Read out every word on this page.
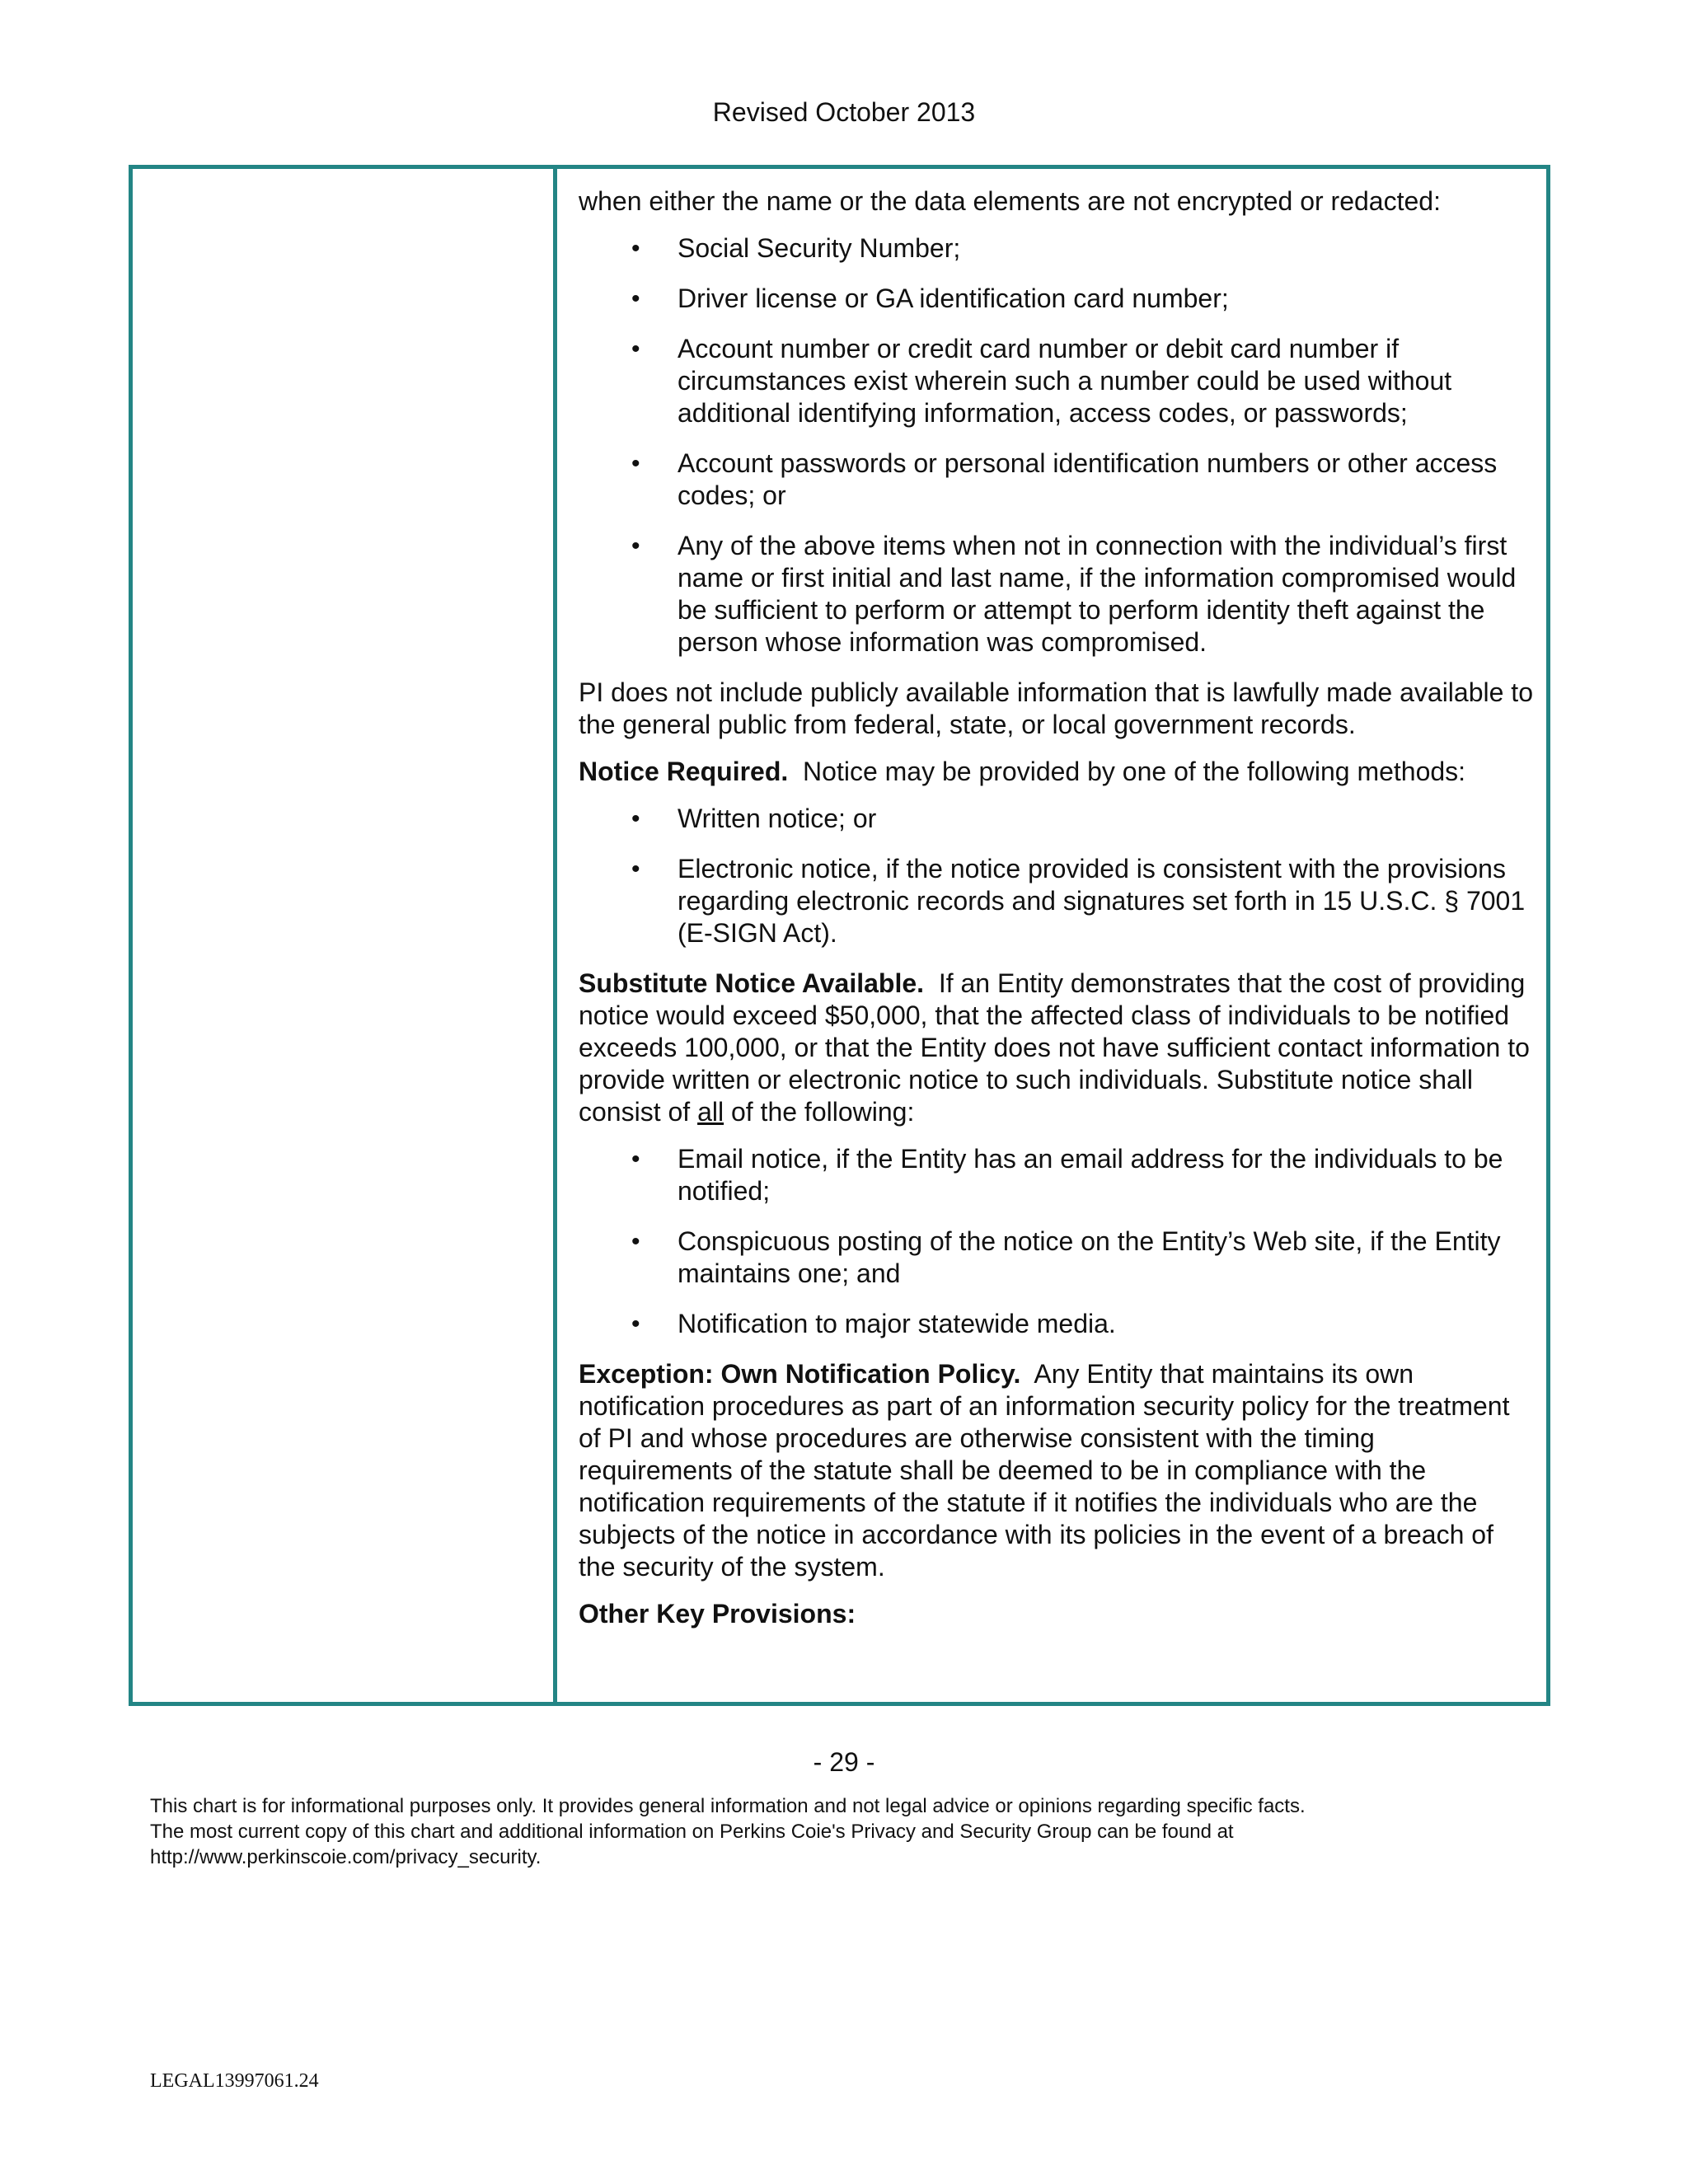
Revised October 2013

when either the name or the data elements are not encrypted or redacted:

• Social Security Number;
• Driver license or GA identification card number;
• Account number or credit card number or debit card number if circumstances exist wherein such a number could be used without additional identifying information, access codes, or passwords;
• Account passwords or personal identification numbers or other access codes; or
• Any of the above items when not in connection with the individual’s first name or first initial and last name, if the information compromised would be sufficient to perform or attempt to perform identity theft against the person whose information was compromised.

PI does not include publicly available information that is lawfully made available to the general public from federal, state, or local government records.

Notice Required. Notice may be provided by one of the following methods:

• Written notice; or
• Electronic notice, if the notice provided is consistent with the provisions regarding electronic records and signatures set forth in 15 U.S.C. § 7001 (E-SIGN Act).

Substitute Notice Available. If an Entity demonstrates that the cost of providing notice would exceed $50,000, that the affected class of individuals to be notified exceeds 100,000, or that the Entity does not have sufficient contact information to provide written or electronic notice to such individuals. Substitute notice shall consist of all of the following:

• Email notice, if the Entity has an email address for the individuals to be notified;
• Conspicuous posting of the notice on the Entity’s Web site, if the Entity maintains one; and
• Notification to major statewide media.

Exception: Own Notification Policy. Any Entity that maintains its own notification procedures as part of an information security policy for the treatment of PI and whose procedures are otherwise consistent with the timing requirements of the statute shall be deemed to be in compliance with the notification requirements of the statute if it notifies the individuals who are the subjects of the notice in accordance with its policies in the event of a breach of the security of the system.

Other Key Provisions:

- 29 -
This chart is for informational purposes only. It provides general information and not legal advice or opinions regarding specific facts.
The most current copy of this chart and additional information on Perkins Coie's Privacy and Security Group can be found at
http://www.perkinscoie.com/privacy_security.
LEGAL13997061.24
